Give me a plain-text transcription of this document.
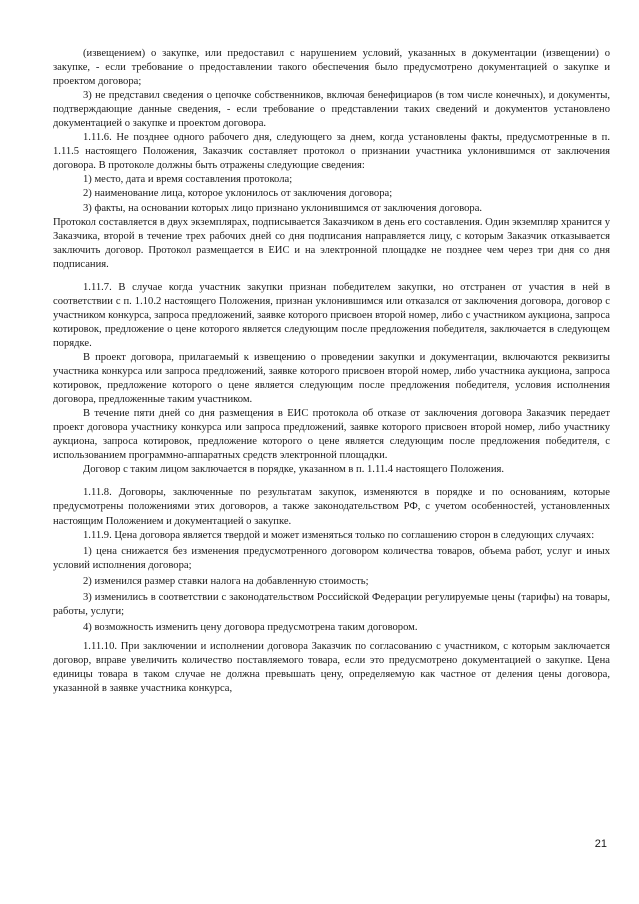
(извещением) о закупке, или предоставил с нарушением условий, указанных в документации (извещении) о закупке, - если требование о предоставлении такого обеспечения было предусмотрено документацией о закупке и проектом договора;

3) не представил сведения о цепочке собственников, включая бенефициаров (в том числе конечных), и документы, подтверждающие данные сведения, - если требование о представлении таких сведений и документов установлено документацией о закупке и проектом договора.

1.11.6. Не позднее одного рабочего дня, следующего за днем, когда установлены факты, предусмотренные в п. 1.11.5 настоящего Положения, Заказчик составляет протокол о признании участника уклонившимся от заключения договора. В протоколе должны быть отражены следующие сведения:

1) место, дата и время составления протокола;

2) наименование лица, которое уклонилось от заключения договора;

3) факты, на основании которых лицо признано уклонившимся от заключения договора.

Протокол составляется в двух экземплярах, подписывается Заказчиком в день его составления. Один экземпляр хранится у Заказчика, второй в течение трех рабочих дней со дня подписания направляется лицу, с которым Заказчик отказывается заключить договор. Протокол размещается в ЕИС и на электронной площадке не позднее чем через три дня со дня подписания.

1.11.7. В случае когда участник закупки признан победителем закупки, но отстранен от участия в ней в соответствии с п. 1.10.2 настоящего Положения, признан уклонившимся или отказался от заключения договора, договор с участником конкурса, запроса предложений, заявке которого присвоен второй номер, либо с участником аукциона, запроса котировок, предложение о цене которого является следующим после предложения победителя, заключается в следующем порядке.

В проект договора, прилагаемый к извещению о проведении закупки и документации, включаются реквизиты участника конкурса или запроса предложений, заявке которого присвоен второй номер, либо участника аукциона, запроса котировок, предложение которого о цене является следующим после предложения победителя, условия исполнения договора, предложенные таким участником.

В течение пяти дней со дня размещения в ЕИС протокола об отказе от заключения договора Заказчик передает проект договора участнику конкурса или запроса предложений, заявке которого присвоен второй номер, либо участнику аукциона, запроса котировок, предложение которого о цене является следующим после предложения победителя, с использованием программно-аппаратных средств электронной площадки.

Договор с таким лицом заключается в порядке, указанном в п. 1.11.4 настоящего Положения.

1.11.8. Договоры, заключенные по результатам закупок, изменяются в порядке и по основаниям, которые предусмотрены положениями этих договоров, а также законодательством РФ, с учетом особенностей, установленных настоящим Положением и документацией о закупке.

1.11.9. Цена договора является твердой и может изменяться только по соглашению сторон в следующих случаях:

1) цена снижается без изменения предусмотренного договором количества товаров, объема работ, услуг и иных условий исполнения договора;

2) изменился размер ставки налога на добавленную стоимость;

3) изменились в соответствии с законодательством Российской Федерации регулируемые цены (тарифы) на товары, работы, услуги;

4) возможность изменить цену договора предусмотрена таким договором.

1.11.10. При заключении и исполнении договора Заказчик по согласованию с участником, с которым заключается договор, вправе увеличить количество поставляемого товара, если это предусмотрено документацией о закупке. Цена единицы товара в таком случае не должна превышать цену, определяемую как частное от деления цены договора, указанной в заявке участника конкурса,

21
